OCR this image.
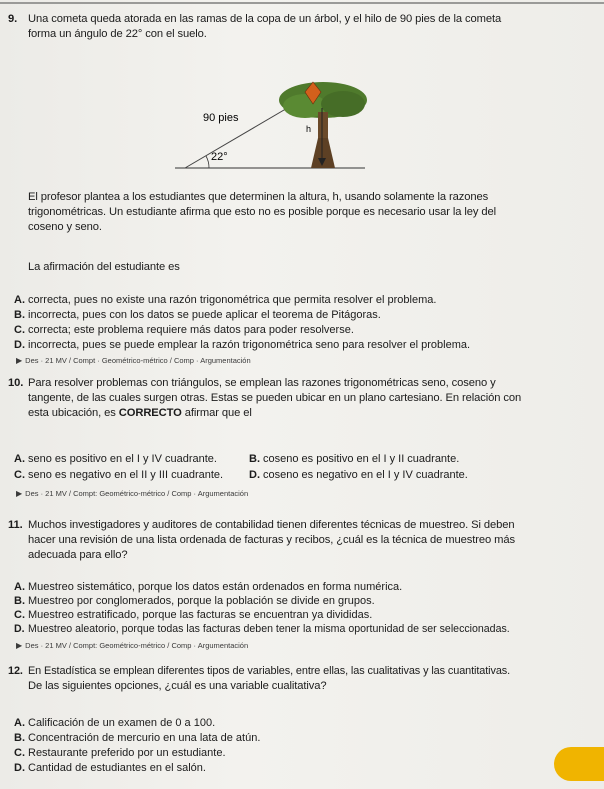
9. Una cometa queda atorada en las ramas de la copa de un árbol, y el hilo de 90 pies de la cometa
forma un ángulo de 22° con el suelo.
90 pies
h
22°
El profesor plantea a los estudiantes que determinen la altura, h, usando solamente la razones
trigonométricas. Un estudiante afirma que esto no es posible porque es necesario usar la ley del
coseno y seno.
La afirmación del estudiante es
A. correcta, pues no existe una razón trigonométrica que permita resolver el problema.
B. incorrecta, pues con los datos se puede aplicar el teorema de Pitágoras.
C. correcta; este problema requiere más datos para poder resolverse.
D. incorrecta, pues se puede emplear la razón trigonométrica seno para resolver el problema.
▶ Des · 21 MV / Compt · Geométrico-métrico / Comp · Argumentación
10. Para resolver problemas con triángulos, se emplean las razones trigonométricas seno, coseno y
tangente, de las cuales surgen otras. Estas se pueden ubicar en un plano cartesiano. En relación con
esta ubicación, es CORRECTO afirmar que el
A. seno es positivo en el I y IV cuadrante.	B. coseno es positivo en el I y II cuadrante.
C. seno es negativo en el II y III cuadrante. D. coseno es negativo en el I y IV cuadrante.
▶ Des · 21 MV / Compt: Geométrico-métrico / Comp · Argumentación
11. Muchos investigadores y auditores de contabilidad tienen diferentes técnicas de muestreo. Si deben
hacer una revisión de una lista ordenada de facturas y recibos, ¿cuál es la técnica de muestreo más
adecuada para ello?
A. Muestreo sistemático, porque los datos están ordenados en forma numérica.
B. Muestreo por conglomerados, porque la población se divide en grupos.
C. Muestreo estratificado, porque las facturas se encuentran ya divididas.
D. Muestreo aleatorio, porque todas las facturas deben tener la misma oportunidad de ser seleccionadas.
▶ Des · 21 MV / Compt: Geométrico-métrico / Comp · Argumentación
12. En Estadística se emplean diferentes tipos de variables, entre ellas, las cualitativas y las cuantitativas.
De las siguientes opciones, ¿cuál es una variable cualitativa?
A. Calificación de un examen de 0 a 100.
B. Concentración de mercurio en una lata de atún.
C. Restaurante preferido por un estudiante.
D. Cantidad de estudiantes en el salón.
